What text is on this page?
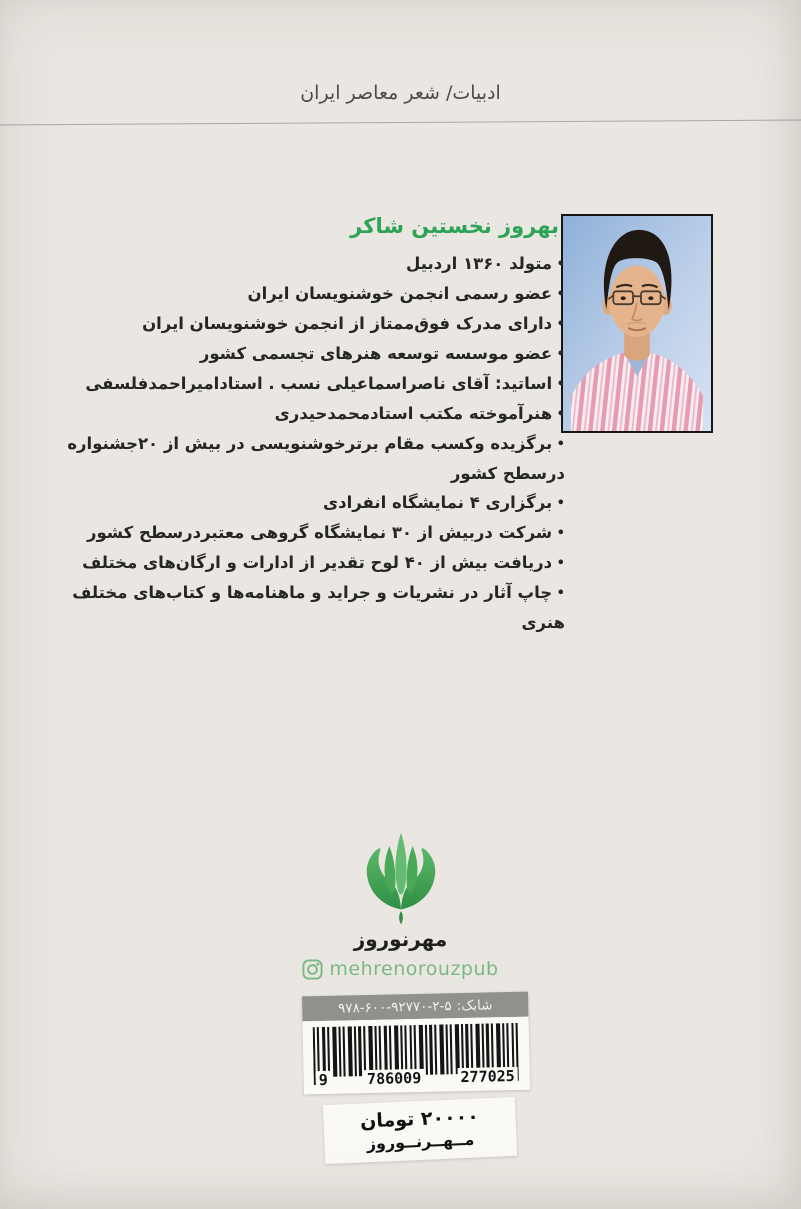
ادبیات/ شعر معاصر ایران
بهروز نخستین شاکر
• متولد ۱۳۶۰ اردبیل
• عضو رسمی انجمن خوشنویسان ایران
• دارای مدرک فوق‌ممتاز از انجمن خوشنویسان ایران
• عضو موسسه توسعه هنرهای تجسمی کشور
• اساتید: آقای ناصراسماعیلی نسب . استادامیراحمدفلسفی
• هنرآموخته مکتب استادمحمدحیدری
• برگزیده وکسب مقام برترخوشنویسی در بیش از ۲۰جشنواره درسطح کشور
• برگزاری ۴ نمایشگاه انفرادی
• شرکت دربیش از ۳۰ نمایشگاه گروهی معتبردرسطح کشور
• دریافت بیش از ۴۰ لوح تقدیر از ادارات و ارگان‌های مختلف
• چاپ آثار در نشریات و جراید و ماهنامه‌ها و کتاب‌های مختلف هنری
مهرنوروز
mehrenorouzpub
شابک:
۹۷۸-۶۰۰-۹۲۷۷۰-۲-۵
9	786009	277025
۲۰۰۰۰ تومان
مــهــرنــوروز
